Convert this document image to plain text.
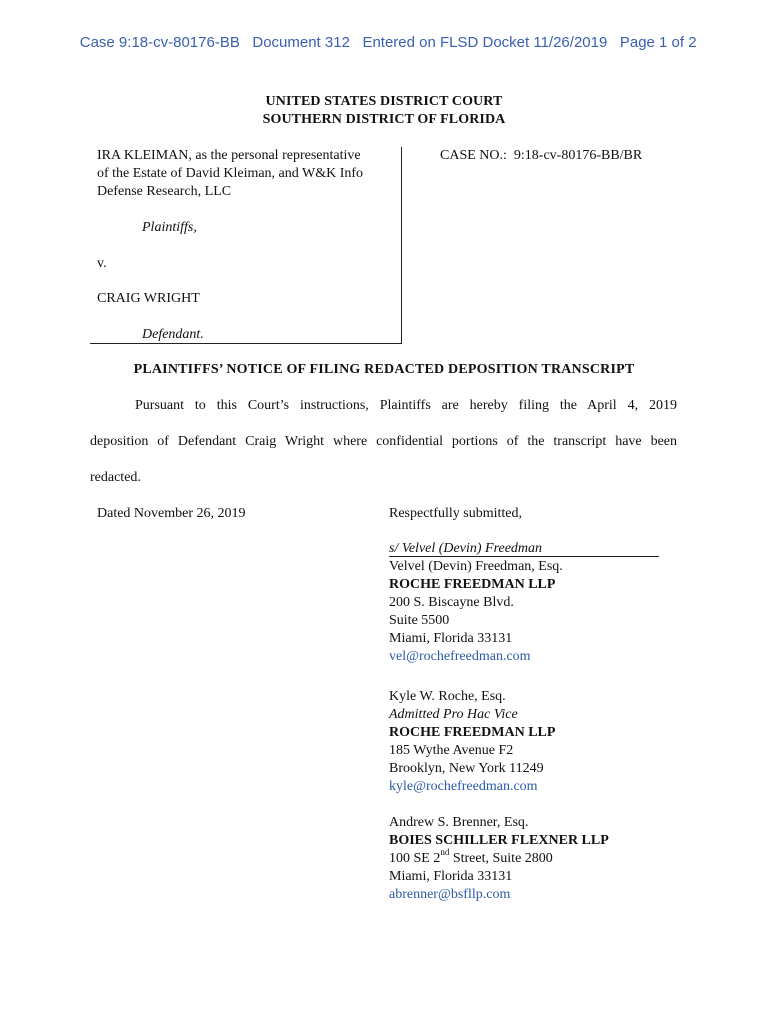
Case 9:18-cv-80176-BB Document 312 Entered on FLSD Docket 11/26/2019 Page 1 of 2

UNITED STATES DISTRICT COURT
SOUTHERN DISTRICT OF FLORIDA
IRA KLEIMAN, as the personal representative
of the Estate of David Kleiman, and W&K Info
Defense Research, LLC
Plaintiffs,
v.
CRAIG WRIGHT
Defendant.
CASE NO.: 9:18-cv-80176-BB/BR
PLAINTIFFS’ NOTICE OF FILING REDACTED DEPOSITION TRANSCRIPT
Pursuant to this Court’s instructions, Plaintiffs are hereby filing the April 4, 2019
deposition of Defendant Craig Wright where confidential portions of the transcript have been
redacted.
Dated November 26, 2019	Respectfully submitted,
s/ Velvel (Devin) Freedman
Velvel (Devin) Freedman, Esq.
ROCHE FREEDMAN LLP
200 S. Biscayne Blvd.
Suite 5500
Miami, Florida 33131
vel@rochefreedman.com
Kyle W. Roche, Esq.
Admitted Pro Hac Vice
ROCHE FREEDMAN LLP
185 Wythe Avenue F2
Brooklyn, New York 11249
kyle@rochefreedman.com
Andrew S. Brenner, Esq.
BOIES SCHILLER FLEXNER LLP
100 SE 2nd Street, Suite 2800
Miami, Florida 33131
abrenner@bsfllp.com
